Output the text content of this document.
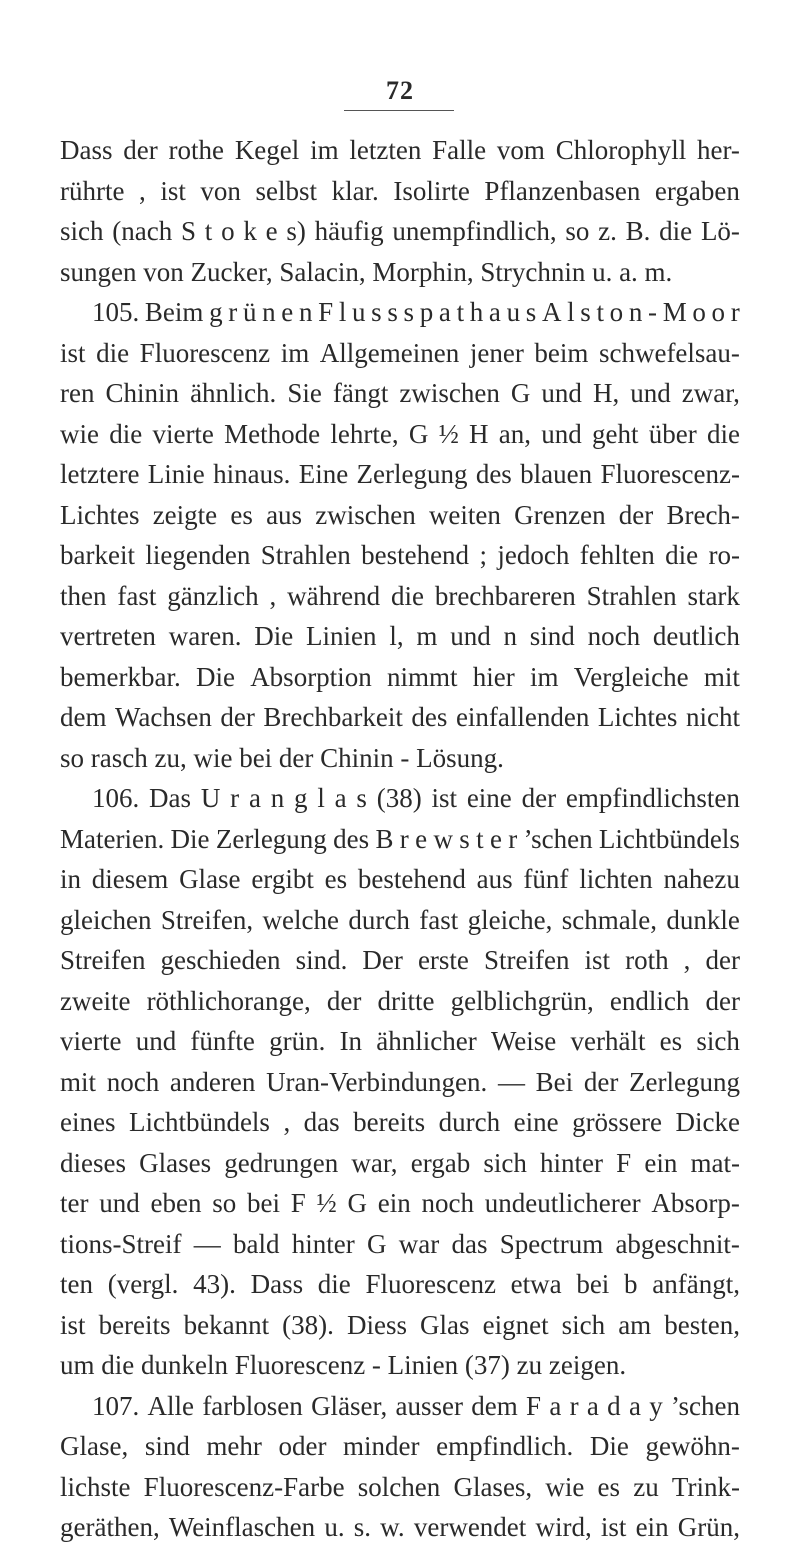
72
Dass der rothe Kegel im letzten Falle vom Chlorophyll her-
rührte , ist von selbst klar. Isolirte Pflanzenbasen ergaben
sich (nach S t o k e s) häufig unempfindlich, so z. B. die Lö-
sungen von Zucker, Salacin, Morphin, Strychnin u. a. m.
105. Beim g r ü n e n F l u s s s p a t h a u s A l s t o n - M o o r
ist die Fluorescenz im Allgemeinen jener beim schwefelsau-
ren Chinin ähnlich. Sie fängt zwischen G und H, und zwar,
wie die vierte Methode lehrte, G ½ H an, und geht über die
letztere Linie hinaus. Eine Zerlegung des blauen Fluorescenz-
Lichtes zeigte es aus zwischen weiten Grenzen der Brech-
barkeit liegenden Strahlen bestehend ; jedoch fehlten die ro-
then fast gänzlich , während die brechbareren Strahlen stark
vertreten waren. Die Linien l, m und n sind noch deutlich
bemerkbar. Die Absorption nimmt hier im Vergleiche mit
dem Wachsen der Brechbarkeit des einfallenden Lichtes nicht
so rasch zu, wie bei der Chinin - Lösung.
106. Das U r a n g l a s (38) ist eine der empfindlichsten
Materien. Die Zerlegung des B r e w s t e r ’schen Lichtbündels
in diesem Glase ergibt es bestehend aus fünf lichten nahezu
gleichen Streifen, welche durch fast gleiche, schmale, dunkle
Streifen geschieden sind. Der erste Streifen ist roth , der
zweite röthlichorange, der dritte gelblichgrün, endlich der
vierte und fünfte grün. In ähnlicher Weise verhält es sich
mit noch anderen Uran-Verbindungen. — Bei der Zerlegung
eines Lichtbündels , das bereits durch eine grössere Dicke
dieses Glases gedrungen war, ergab sich hinter F ein mat-
ter und eben so bei F ½ G ein noch undeutlicherer Absorp-
tions-Streif — bald hinter G war das Spectrum abgeschnit-
ten (vergl. 43). Dass die Fluorescenz etwa bei b anfängt,
ist bereits bekannt (38). Diess Glas eignet sich am besten,
um die dunkeln Fluorescenz - Linien (37) zu zeigen.
107. Alle farblosen Gläser, ausser dem F a r a d a y ’schen
Glase, sind mehr oder minder empfindlich. Die gewöhn-
lichste Fluorescenz-Farbe solchen Glases, wie es zu Trink-
geräthen, Weinflaschen u. s. w. verwendet wird, ist ein Grün,
